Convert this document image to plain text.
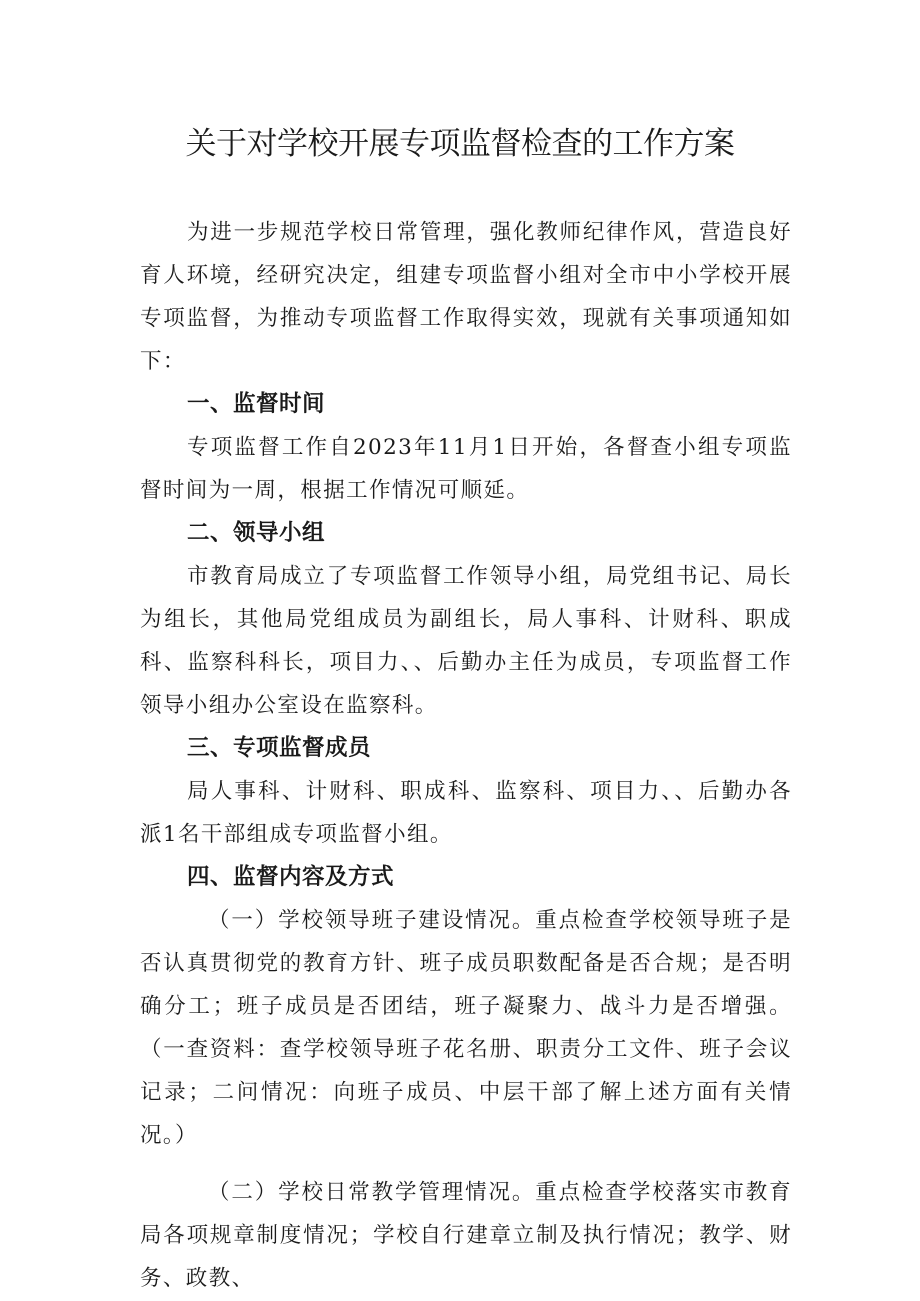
关于对学校开展专项监督检查的工作方案

为进一步规范学校日常管理，强化教师纪律作风，营造良好育人环境，经研究决定，组建专项监督小组对全市中小学校开展专项监督，为推动专项监督工作取得实效，现就有关事项通知如下：

一、监督时间

专项监督工作自2023年11月1日开始，各督查小组专项监督时间为一周，根据工作情况可顺延。

二、领导小组

市教育局成立了专项监督工作领导小组，局党组书记、局长为组长，其他局党组成员为副组长，局人事科、计财科、职成科、监察科科长，项目力、、后勤办主任为成员，专项监督工作领导小组办公室设在监察科。

三、专项监督成员

局人事科、计财科、职成科、监察科、项目力、、后勤办各派1名干部组成专项监督小组。

四、监督内容及方式

（一）学校领导班子建设情况。重点检查学校领导班子是否认真贯彻党的教育方针、班子成员职数配备是否合规；是否明确分工；班子成员是否团结，班子凝聚力、战斗力是否增强。（一查资料：查学校领导班子花名册、职责分工文件、班子会议记录；二问情况：向班子成员、中层干部了解上述方面有关情况。）

（二）学校日常教学管理情况。重点检查学校落实市教育局各项规章制度情况；学校自行建章立制及执行情况；教学、财务、政教、
